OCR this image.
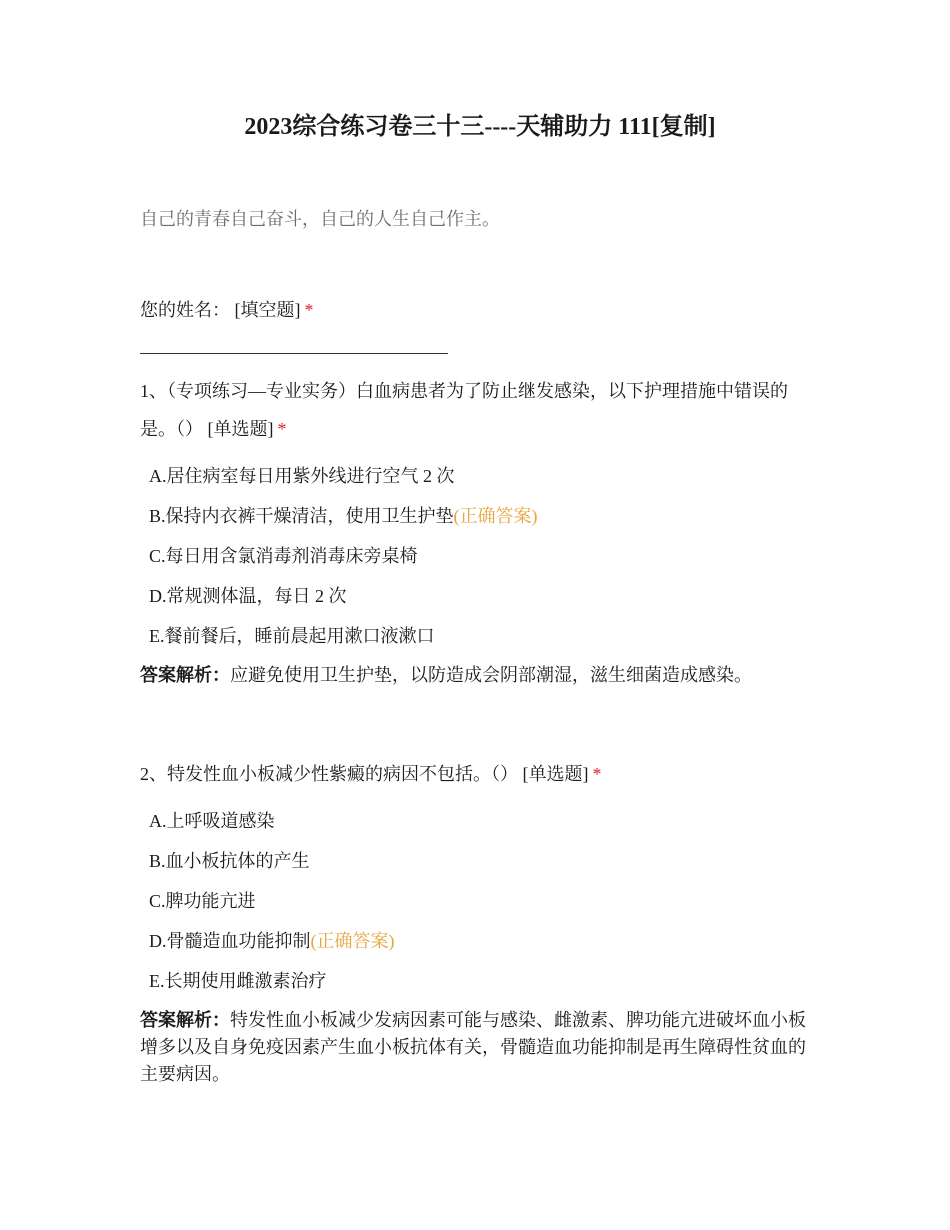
2023综合练习卷三十三----天辅助力 111[复制]
自己的青春自己奋斗，自己的人生自己作主。
您的姓名： [填空题] *
1、（专项练习—专业实务）白血病患者为了防止继发感染，以下护理措施中错误的是。（） [单选题] *
A.居住病室每日用紫外线进行空气 2 次
B.保持内衣裤干燥清洁，使用卫生护垫(正确答案)
C.每日用含氯消毒剂消毒床旁桌椅
D.常规测体温，每日 2 次
E.餐前餐后，睡前晨起用漱口液漱口
答案解析：应避免使用卫生护垫，以防造成会阴部潮湿，滋生细菌造成感染。
2、特发性血小板减少性紫癜的病因不包括。（） [单选题] *
A.上呼吸道感染
B.血小板抗体的产生
C.脾功能亢进
D.骨髓造血功能抑制(正确答案)
E.长期使用雌激素治疗
答案解析：特发性血小板减少发病因素可能与感染、雌激素、脾功能亢进破坏血小板增多以及自身免疫因素产生血小板抗体有关，骨髓造血功能抑制是再生障碍性贫血的主要病因。
